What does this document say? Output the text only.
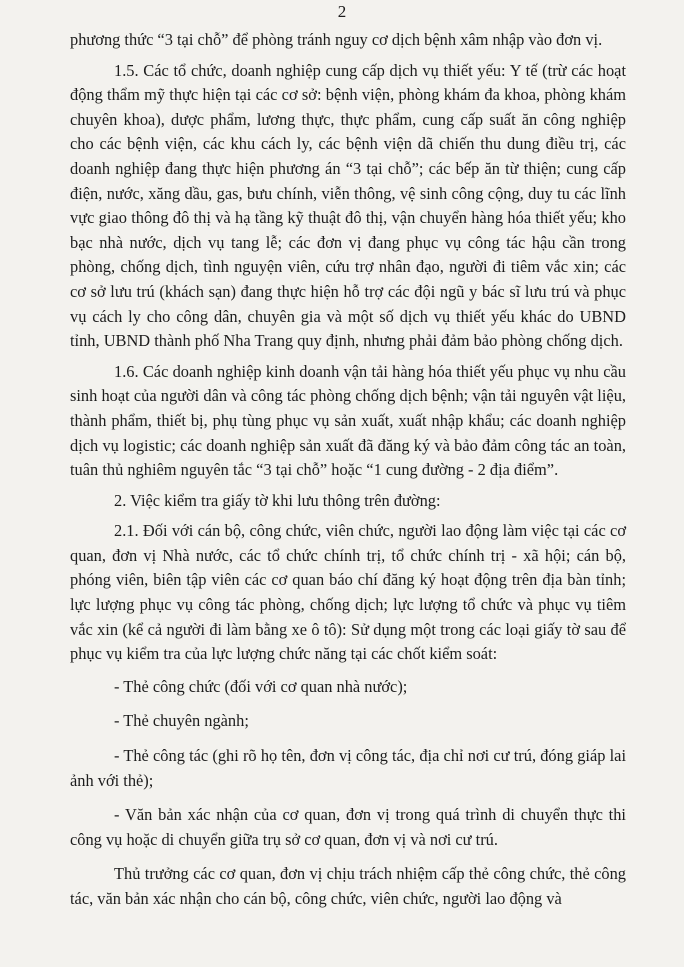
2

phương thức “3 tại chỗ” để phòng tránh nguy cơ dịch bệnh xâm nhập vào đơn vị.

1.5. Các tổ chức, doanh nghiệp cung cấp dịch vụ thiết yếu: Y tế (trừ các hoạt động thẩm mỹ thực hiện tại các cơ sở: bệnh viện, phòng khám đa khoa, phòng khám chuyên khoa), dược phẩm, lương thực, thực phẩm, cung cấp suất ăn công nghiệp cho các bệnh viện, các khu cách ly, các bệnh viện dã chiến thu dung điều trị, các doanh nghiệp đang thực hiện phương án “3 tại chỗ”; các bếp ăn từ thiện; cung cấp điện, nước, xăng dầu, gas, bưu chính, viễn thông, vệ sinh công cộng, duy tu các lĩnh vực giao thông đô thị và hạ tầng kỹ thuật đô thị, vận chuyển hàng hóa thiết yếu; kho bạc nhà nước, dịch vụ tang lễ; các đơn vị đang phục vụ công tác hậu cần trong phòng, chống dịch, tình nguyện viên, cứu trợ nhân đạo, người đi tiêm vắc xin; các cơ sở lưu trú (khách sạn) đang thực hiện hỗ trợ các đội ngũ y bác sĩ lưu trú và phục vụ cách ly cho công dân, chuyên gia và một số dịch vụ thiết yếu khác do UBND tỉnh, UBND thành phố Nha Trang quy định, nhưng phải đảm bảo phòng chống dịch.

1.6. Các doanh nghiệp kinh doanh vận tải hàng hóa thiết yếu phục vụ nhu cầu sinh hoạt của người dân và công tác phòng chống dịch bệnh; vận tải nguyên vật liệu, thành phẩm, thiết bị, phụ tùng phục vụ sản xuất, xuất nhập khẩu; các doanh nghiệp dịch vụ logistic; các doanh nghiệp sản xuất đã đăng ký và bảo đảm công tác an toàn, tuân thủ nghiêm nguyên tắc “3 tại chỗ” hoặc “1 cung đường - 2 địa điểm”.

2. Việc kiểm tra giấy tờ khi lưu thông trên đường:

2.1. Đối với cán bộ, công chức, viên chức, người lao động làm việc tại các cơ quan, đơn vị Nhà nước, các tổ chức chính trị, tổ chức chính trị - xã hội; cán bộ, phóng viên, biên tập viên các cơ quan báo chí đăng ký hoạt động trên địa bàn tỉnh; lực lượng phục vụ công tác phòng, chống dịch; lực lượng tổ chức và phục vụ tiêm vắc xin (kể cả người đi làm bằng xe ô tô): Sử dụng một trong các loại giấy tờ sau để phục vụ kiểm tra của lực lượng chức năng tại các chốt kiểm soát:

- Thẻ công chức (đối với cơ quan nhà nước);

- Thẻ chuyên ngành;

- Thẻ công tác (ghi rõ họ tên, đơn vị công tác, địa chỉ nơi cư trú, đóng giáp lai ảnh với thẻ);

- Văn bản xác nhận của cơ quan, đơn vị trong quá trình di chuyển thực thi công vụ hoặc di chuyển giữa trụ sở cơ quan, đơn vị và nơi cư trú.

Thủ trưởng các cơ quan, đơn vị chịu trách nhiệm cấp thẻ công chức, thẻ công tác, văn bản xác nhận cho cán bộ, công chức, viên chức, người lao động và
